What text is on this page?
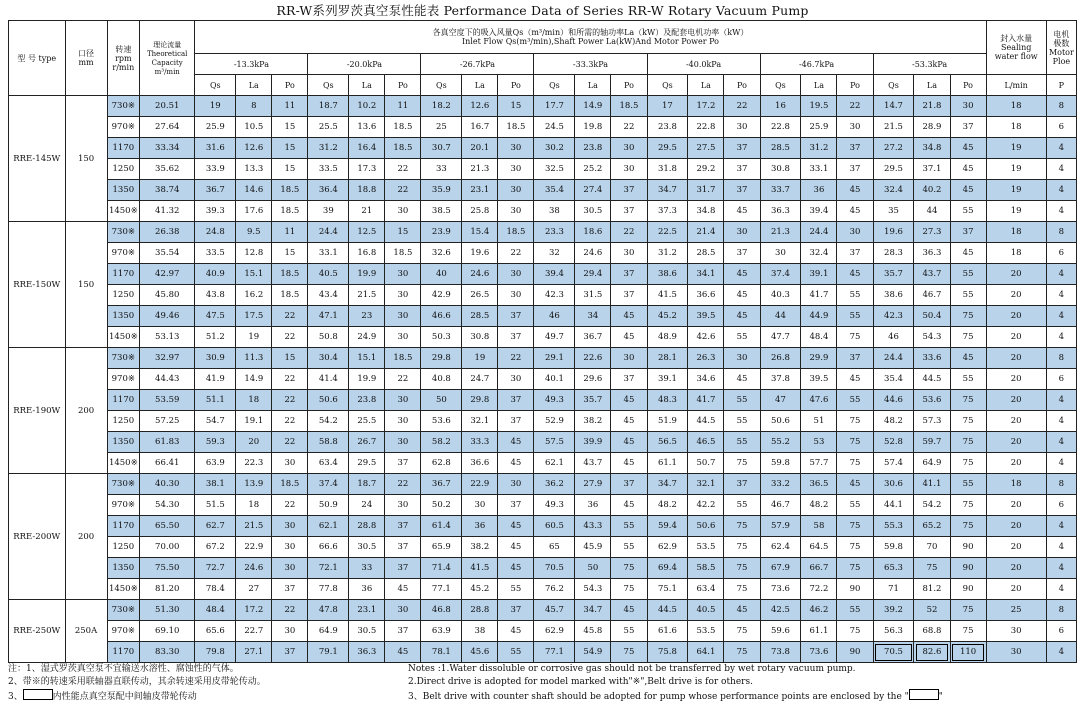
RR-W系列罗茨真空泵性能表 Performance Data of Series RR-W Rotary Vacuum Pump
型 号 type	口径
mm	转速
rpm
r/min	理论流量
Theoretical
Capacity
m³/min	各真空度下的吸入风量Qs（m³/min）和所需的轴功率La（kW）及配套电机功率（kW）
Inlet Flow Qs(m³/min),Shaft Power La(kW)And Motor Power Po																					封入水量
Sealing
water flow	电机
极数
Motor
Ploe
				-13.3kPa			-20.0kPa			-26.7kPa			-33.3kPa			-40.0kPa			-46.7kPa			-53.3kPa				
				Qs	La	Po	Qs	La	Po	Qs	La	Po	Qs	La	Po	Qs	La	Po	Qs	La	Po	Qs	La	Po	L/min	P
RRE-145W	150	730※	20.51	19	8	11	18.7	10.2	11	18.2	12.6	15	17.7	14.9	18.5	17	17.2	22	16	19.5	22	14.7	21.8	30	18	8
		970※	27.64	25.9	10.5	15	25.5	13.6	18.5	25	16.7	18.5	24.5	19.8	22	23.8	22.8	30	22.8	25.9	30	21.5	28.9	37	18	6
		1170	33.34	31.6	12.6	15	31.2	16.4	18.5	30.7	20.1	30	30.2	23.8	30	29.5	27.5	37	28.5	31.2	37	27.2	34.8	45	19	4
		1250	35.62	33.9	13.3	15	33.5	17.3	22	33	21.3	30	32.5	25.2	30	31.8	29.2	37	30.8	33.1	37	29.5	37.1	45	19	4
		1350	38.74	36.7	14.6	18.5	36.4	18.8	22	35.9	23.1	30	35.4	27.4	37	34.7	31.7	37	33.7	36	45	32.4	40.2	45	19	4
		1450※	41.32	39.3	17.6	18.5	39	21	30	38.5	25.8	30	38	30.5	37	37.3	34.8	45	36.3	39.4	45	35	44	55	19	4
RRE-150W	150	730※	26.38	24.8	9.5	11	24.4	12.5	15	23.9	15.4	18.5	23.3	18.6	22	22.5	21.4	30	21.3	24.4	30	19.6	27.3	37	18	8
		970※	35.54	33.5	12.8	15	33.1	16.8	18.5	32.6	19.6	22	32	24.6	30	31.2	28.5	37	30	32.4	37	28.3	36.3	45	18	6
		1170	42.97	40.9	15.1	18.5	40.5	19.9	30	40	24.6	30	39.4	29.4	37	38.6	34.1	45	37.4	39.1	45	35.7	43.7	55	20	4
		1250	45.80	43.8	16.2	18.5	43.4	21.5	30	42.9	26.5	30	42.3	31.5	37	41.5	36.6	45	40.3	41.7	55	38.6	46.7	55	20	4
		1350	49.46	47.5	17.5	22	47.1	23	30	46.6	28.5	37	46	34	45	45.2	39.5	45	44	44.9	55	42.3	50.4	75	20	4
		1450※	53.13	51.2	19	22	50.8	24.9	30	50.3	30.8	37	49.7	36.7	45	48.9	42.6	55	47.7	48.4	75	46	54.3	75	20	4
RRE-190W	200	730※	32.97	30.9	11.3	15	30.4	15.1	18.5	29.8	19	22	29.1	22.6	30	28.1	26.3	30	26.8	29.9	37	24.4	33.6	45	20	8
		970※	44.43	41.9	14.9	22	41.4	19.9	22	40.8	24.7	30	40.1	29.6	37	39.1	34.6	45	37.8	39.5	45	35.4	44.5	55	20	6
		1170	53.59	51.1	18	22	50.6	23.8	30	50	29.8	37	49.3	35.7	45	48.3	41.7	55	47	47.6	55	44.6	53.6	75	20	4
		1250	57.25	54.7	19.1	22	54.2	25.5	30	53.6	32.1	37	52.9	38.2	45	51.9	44.5	55	50.6	51	75	48.2	57.3	75	20	4
		1350	61.83	59.3	20	22	58.8	26.7	30	58.2	33.3	45	57.5	39.9	45	56.5	46.5	55	55.2	53	75	52.8	59.7	75	20	4
		1450※	66.41	63.9	22.3	30	63.4	29.5	37	62.8	36.6	45	62.1	43.7	45	61.1	50.7	75	59.8	57.7	75	57.4	64.9	75	20	4
RRE-200W	200	730※	40.30	38.1	13.9	18.5	37.4	18.7	22	36.7	22.9	30	36.2	27.9	37	34.7	32.1	37	33.2	36.5	45	30.6	41.1	55	18	8
		970※	54.30	51.5	18	22	50.9	24	30	50.2	30	37	49.3	36	45	48.2	42.2	55	46.7	48.2	55	44.1	54.2	75	20	6
		1170	65.50	62.7	21.5	30	62.1	28.8	37	61.4	36	45	60.5	43.3	55	59.4	50.6	75	57.9	58	75	55.3	65.2	75	20	4
		1250	70.00	67.2	22.9	30	66.6	30.5	37	65.9	38.2	45	65	45.9	55	62.9	53.5	75	62.4	64.5	75	59.8	70	90	20	4
		1350	75.50	72.7	24.6	30	72.1	33	37	71.4	41.5	45	70.5	50	75	69.4	58.5	75	67.9	66.7	75	65.3	75	90	20	4
		1450※	81.20	78.4	27	37	77.8	36	45	77.1	45.2	55	76.2	54.3	75	75.1	63.4	75	73.6	72.2	90	71	81.2	90	20	4
RRE-250W	250A	730※	51.30	48.4	17.2	22	47.8	23.1	30	46.8	28.8	37	45.7	34.7	45	44.5	40.5	45	42.5	46.2	55	39.2	52	75	25	8
		970※	69.10	65.6	22.7	30	64.9	30.5	37	63.9	38	45	62.9	45.8	55	61.6	53.5	75	59.6	61.1	75	56.3	68.8	75	30	6
		1170	83.30	79.8	27.1	37	79.1	36.3	45	78.1	45.6	55	77.1	54.9	75	75.8	64.1	75	73.8	73.6	90	70.5	82.6	110	30	4
注：1、湿式罗茨真空泵不宜输送水溶性、腐蚀性的气体。
2、带※的转速采用联轴器直联传动，其余转速采用皮带轮传动。
3、	内性能点真空泵配中间轴皮带轮传动
Notes :1.Water dissoluble or corrosive gas should not be transferred by wet rotary vacuum pump.
2.Direct drive is adopted for model marked with"※",Belt drive is for others.
3、Belt drive with counter shaft should be adopted for pump whose performance points are enclosed by the "	"
